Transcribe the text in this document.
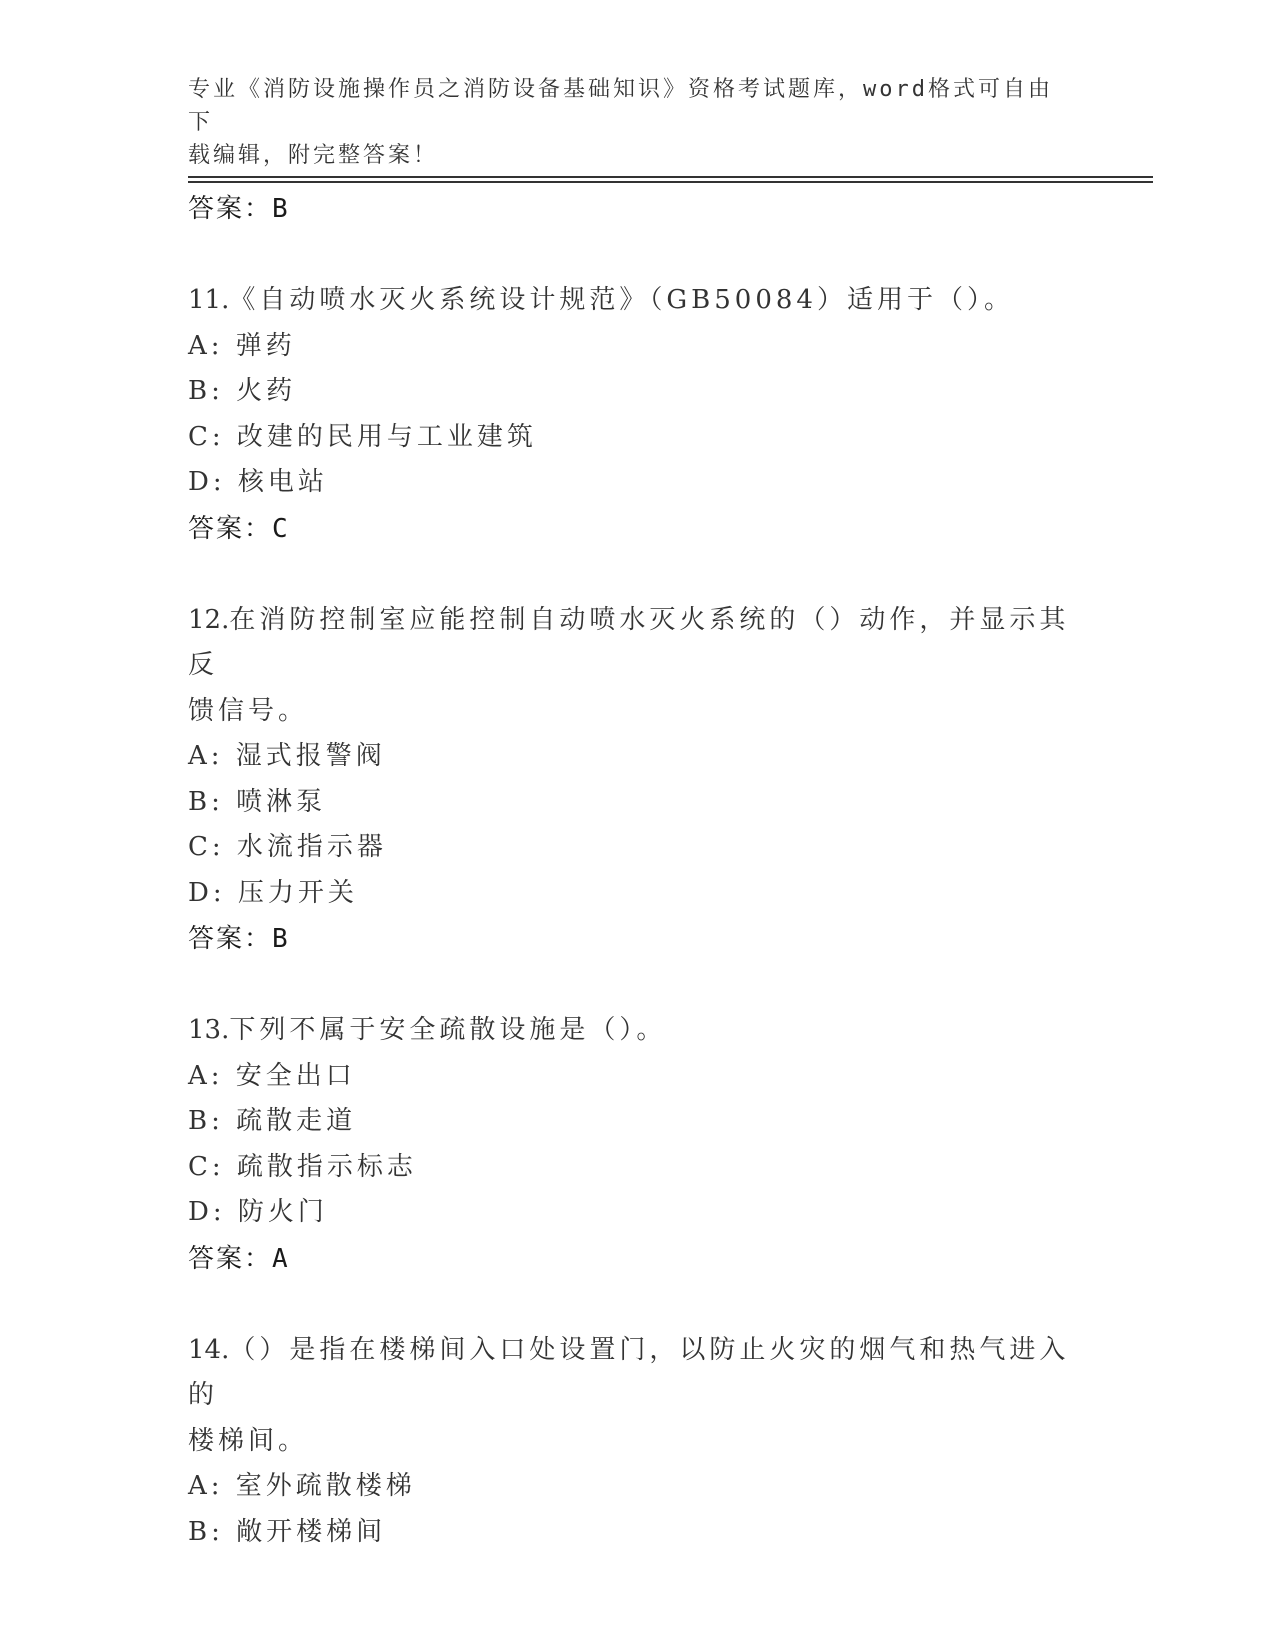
专业《消防设施操作员之消防设备基础知识》资格考试题库，word格式可自由下
载编辑，附完整答案！
答案：B
11.《自动喷水灭火系统设计规范》（GB50084）适用于（）。
A: 弹药
B: 火药
C: 改建的民用与工业建筑
D: 核电站
答案：C
12.在消防控制室应能控制自动喷水灭火系统的（）动作，并显示其反
馈信号。
A: 湿式报警阀
B: 喷淋泵
C: 水流指示器
D: 压力开关
答案：B
13.下列不属于安全疏散设施是（）。
A: 安全出口
B: 疏散走道
C: 疏散指示标志
D: 防火门
答案：A
14.（）是指在楼梯间入口处设置门，以防止火灾的烟气和热气进入的
楼梯间。
A: 室外疏散楼梯
B: 敞开楼梯间
